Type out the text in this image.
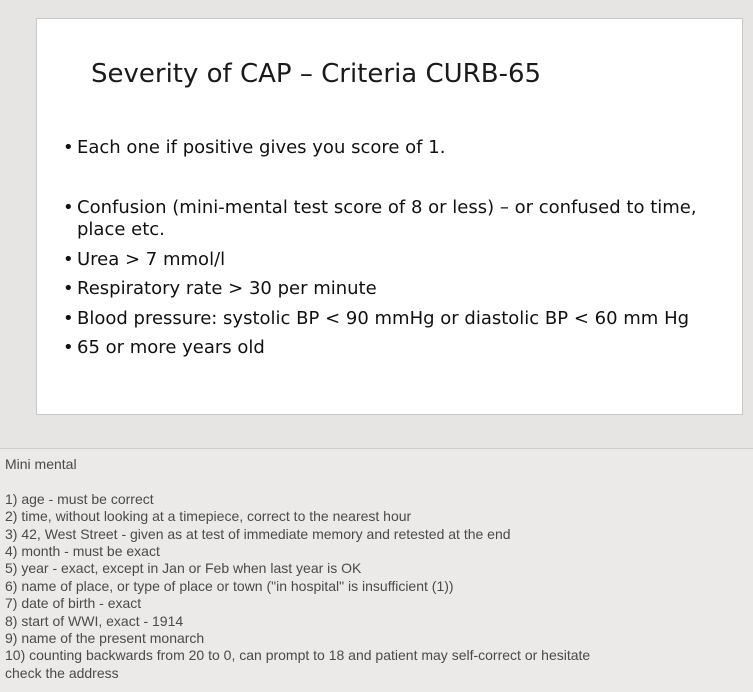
Severity of CAP – Criteria CURB-65
• Each one if positive gives you score of 1.
• Confusion (mini-mental test score of 8 or less) – or confused to time, place etc.
• Urea > 7 mmol/l
• Respiratory rate > 30 per minute
• Blood pressure: systolic BP < 90 mmHg or diastolic BP < 60 mm Hg
• 65 or more years old
Mini mental
1) age - must be correct
2) time, without looking at a timepiece, correct to the nearest hour
3) 42, West Street - given as at test of immediate memory and retested at the end
4) month - must be exact
5) year - exact, except in Jan or Feb when last year is OK
6) name of place, or type of place or town ("in hospital" is insufficient (1))
7) date of birth - exact
8) start of WWI, exact - 1914
9) name of the present monarch
10) counting backwards from 20 to 0, can prompt to 18 and patient may self-correct or hesitate
check the address
